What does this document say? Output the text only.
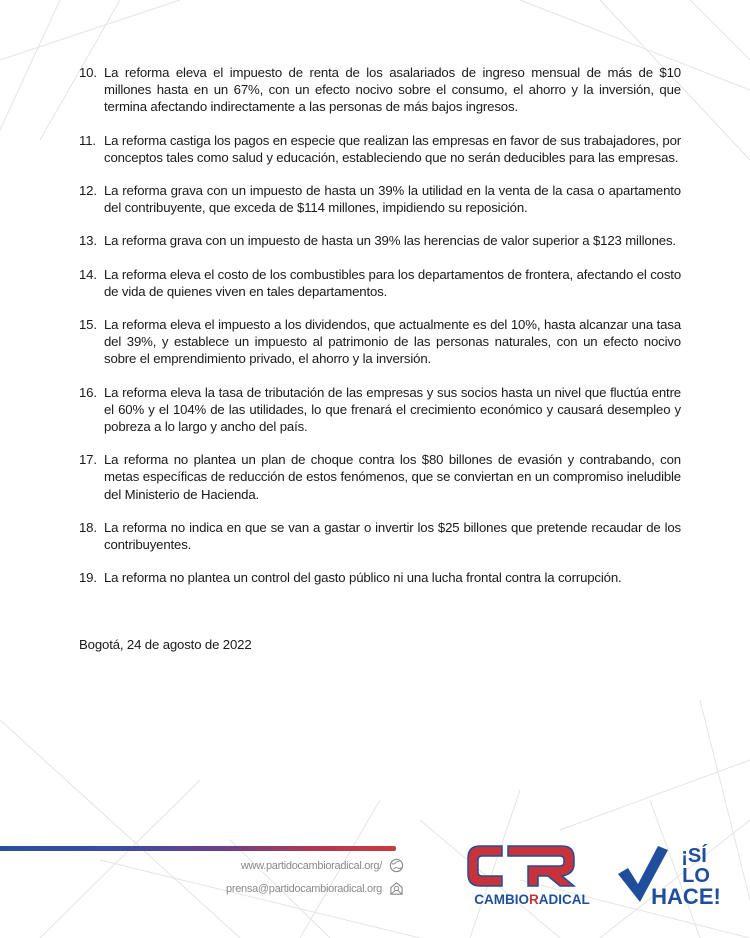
10. La reforma eleva el impuesto de renta de los asalariados de ingreso mensual de más de $10 millones hasta en un 67%, con un efecto nocivo sobre el consumo, el ahorro y la inversión, que termina afectando indirectamente a las personas de más bajos ingresos.
11. La reforma castiga los pagos en especie que realizan las empresas en favor de sus trabajadores, por conceptos tales como salud y educación, estableciendo que no serán deducibles para las empresas.
12. La reforma grava con un impuesto de hasta un 39% la utilidad en la venta de la casa o apartamento del contribuyente, que exceda de $114 millones, impidiendo su reposición.
13. La reforma grava con un impuesto de hasta un 39% las herencias de valor superior a $123 millones.
14. La reforma eleva el costo de los combustibles para los departamentos de frontera, afectando el costo de vida de quienes viven en tales departamentos.
15. La reforma eleva el impuesto a los dividendos, que actualmente es del 10%, hasta alcanzar una tasa del 39%, y establece un impuesto al patrimonio de las personas naturales, con un efecto nocivo sobre el emprendimiento privado, el ahorro y la inversión.
16. La reforma eleva la tasa de tributación de las empresas y sus socios hasta un nivel que fluctúa entre el 60% y el 104% de las utilidades, lo que frenará el crecimiento económico y causará desempleo y pobreza a lo largo y ancho del país.
17. La reforma no plantea un plan de choque contra los $80 billones de evasión y contrabando, con metas específicas de reducción de estos fenómenos, que se conviertan en un compromiso ineludible del Ministerio de Hacienda.
18. La reforma no indica en que se van a gastar o invertir los $25 billones que pretende recaudar de los contribuyentes.
19. La reforma no plantea un control del gasto público ni una lucha frontal contra la corrupción.
Bogotá, 24 de agosto de 2022
www.partidocambioradical.org/
prensa@partidocambioradical.org
CAMBIORADICAL
¡SÍ
LO
HACE!
